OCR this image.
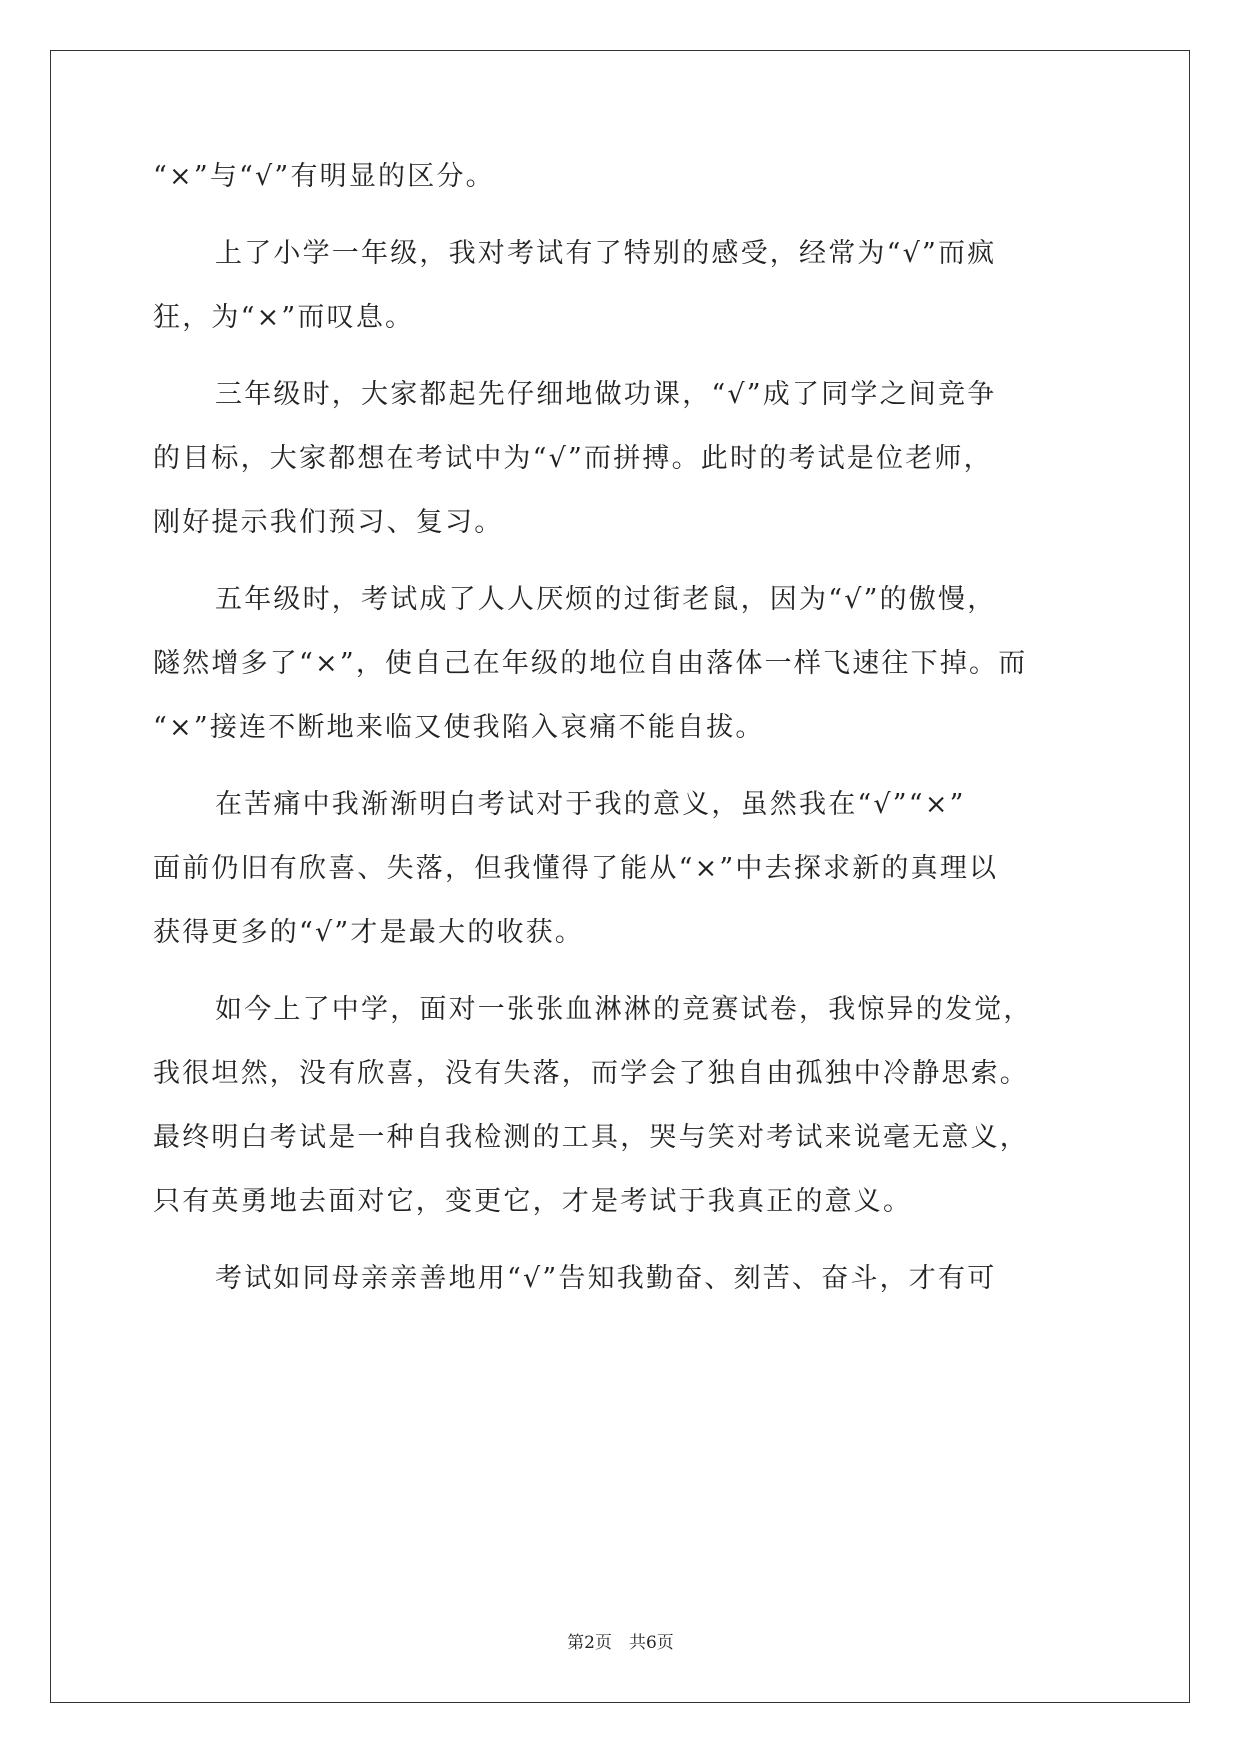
“×”与“√”有明显的区分。
上了小学一年级，我对考试有了特别的感受，经常为“√”而疯
狂，为“×”而叹息。
三年级时，大家都起先仔细地做功课，“√”成了同学之间竞争
的目标，大家都想在考试中为“√”而拼搏。此时的考试是位老师，
刚好提示我们预习、复习。
五年级时，考试成了人人厌烦的过街老鼠，因为“√”的傲慢，
隧然增多了“×”，使自己在年级的地位自由落体一样飞速往下掉。而
“×”接连不断地来临又使我陷入哀痛不能自拔。
在苦痛中我渐渐明白考试对于我的意义，虽然我在“√”“×”
面前仍旧有欣喜、失落，但我懂得了能从“×”中去探求新的真理以
获得更多的“√”才是最大的收获。
如今上了中学，面对一张张血淋淋的竞赛试卷，我惊异的发觉，
我很坦然，没有欣喜，没有失落，而学会了独自由孤独中冷静思索。
最终明白考试是一种自我检测的工具，哭与笑对考试来说毫无意义，
只有英勇地去面对它，变更它，才是考试于我真正的意义。
考试如同母亲亲善地用“√”告知我勤奋、刻苦、奋斗，才有可
第2页　共6页
